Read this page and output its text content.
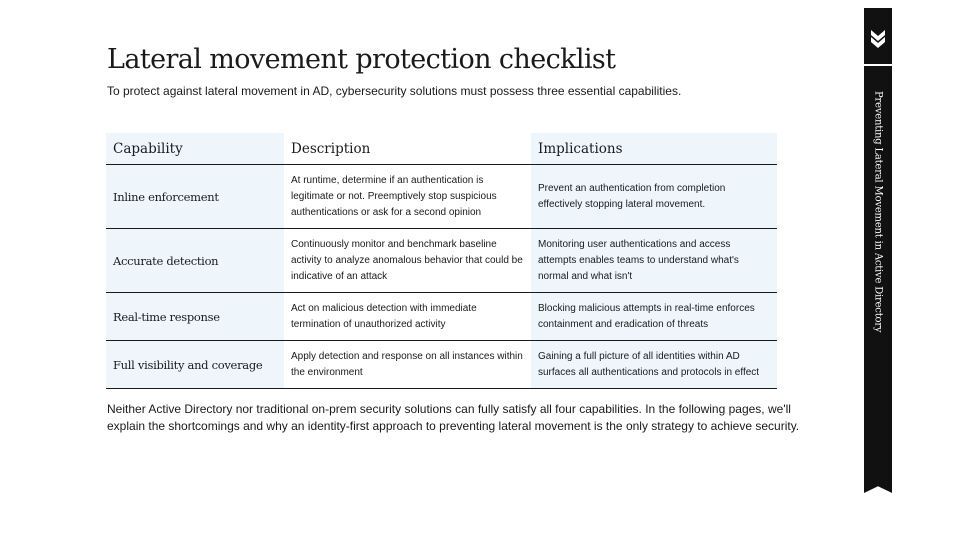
Lateral movement protection checklist
To protect against lateral movement in AD, cybersecurity solutions must possess three essential capabilities.
Capability	Description	Implications
Inline enforcement	At runtime, determine if an authentication is legitimate or not. Preemptively stop suspicious authentications or ask for a second opinion	Prevent an authentication from completion effectively stopping lateral movement.
Accurate detection	Continuously monitor and benchmark baseline activity to analyze anomalous behavior that could be indicative of an attack	Monitoring user authentications and access attempts enables teams to understand what's normal and what isn't
Real-time response	Act on malicious detection with immediate termination of unauthorized activity	Blocking malicious attempts in real-time enforces containment and eradication of threats
Full visibility and coverage	Apply detection and response on all instances within the environment	Gaining a full picture of all identities within AD surfaces all authentications and protocols in effect

Neither Active Directory nor traditional on-prem security solutions can fully satisfy all four capabilities. In the following pages, we'll
explain the shortcomings and why an identity-first approach to preventing lateral movement is the only strategy to achieve security.

Preventing Lateral Movement in Active Directory
